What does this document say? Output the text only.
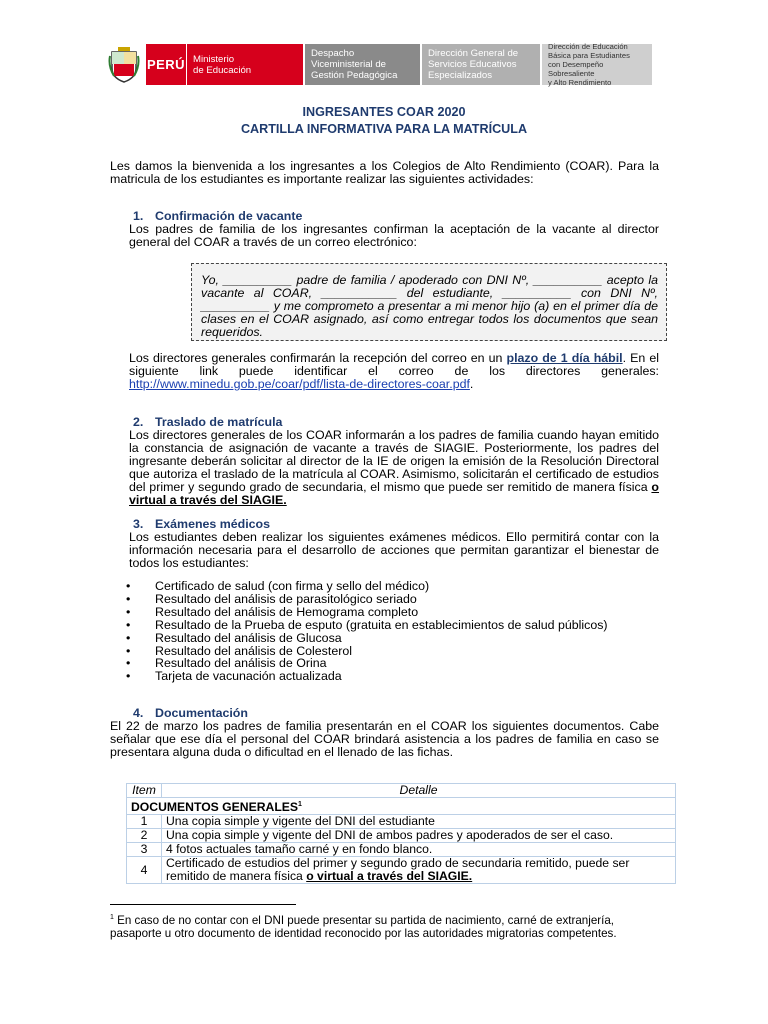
PERÚ Ministerio
de Educación
Despacho
Viceministerial de
Gestión Pedagógica
Dirección General de
Servicios Educativos
Especializados
Dirección de Educación
Básica para Estudiantes
con Desempeño Sobresaliente
y Alto Rendimiento
INGRESANTES COAR 2020
CARTILLA INFORMATIVA PARA LA MATRÍCULA
Les damos la bienvenida a los ingresantes a los Colegios de Alto Rendimiento (COAR). Para la matricula de los estudiantes es importante realizar las siguientes actividades:
1. Confirmación de vacante
Los padres de familia de los ingresantes confirman la aceptación de la vacante al director general del COAR a través de un correo electrónico:
Yo, __________ padre de familia / apoderado con DNI Nº, __________ acepto la vacante al COAR, ___________ del estudiante, __________ con DNI Nº, __________ y me comprometo a presentar a mi menor hijo (a) en el primer día de clases en el COAR asignado, así como entregar todos los documentos que sean requeridos.
Los directores generales confirmarán la recepción del correo en un plazo de 1 día hábil. En el siguiente link puede identificar el correo de los directores generales: http://www.minedu.gob.pe/coar/pdf/lista-de-directores-coar.pdf.
2. Traslado de matrícula
Los directores generales de los COAR informarán a los padres de familia cuando hayan emitido la constancia de asignación de vacante a través de SIAGIE. Posteriormente, los padres del ingresante deberán solicitar al director de la IE de origen la emisión de la Resolución Directoral que autoriza el traslado de la matrícula al COAR. Asimismo, solicitarán el certificado de estudios del primer y segundo grado de secundaria, el mismo que puede ser remitido de manera física o virtual a través del SIAGIE.
3. Exámenes médicos
Los estudiantes deben realizar los siguientes exámenes médicos. Ello permitirá contar con la información necesaria para el desarrollo de acciones que permitan garantizar el bienestar de todos los estudiantes:
• Certificado de salud (con firma y sello del médico)
• Resultado del análisis de parasitológico seriado
• Resultado del análisis de Hemograma completo
• Resultado de la Prueba de esputo (gratuita en establecimientos de salud públicos)
• Resultado del análisis de Glucosa
• Resultado del análisis de Colesterol
• Resultado del análisis de Orina
• Tarjeta de vacunación actualizada
4. Documentación
El 22 de marzo los padres de familia presentarán en el COAR los siguientes documentos. Cabe señalar que ese día el personal del COAR brindará asistencia a los padres de familia en caso se presentara alguna duda o dificultad en el llenado de las fichas.
Item	Detalle
DOCUMENTOS GENERALES$^1$
1	Una copia simple y vigente del DNI del estudiante
2	Una copia simple y vigente del DNI de ambos padres y apoderados de ser el caso.
3	4 fotos actuales tamaño carné y en fondo blanco.
4	Certificado de estudios del primer y segundo grado de secundaria remitido, puede ser remitido de manera física o virtual a través del SIAGIE.
$^1$ En caso de no contar con el DNI puede presentar su partida de nacimiento, carné de extranjería, pasaporte u otro documento de identidad reconocido por las autoridades migratorias competentes.
